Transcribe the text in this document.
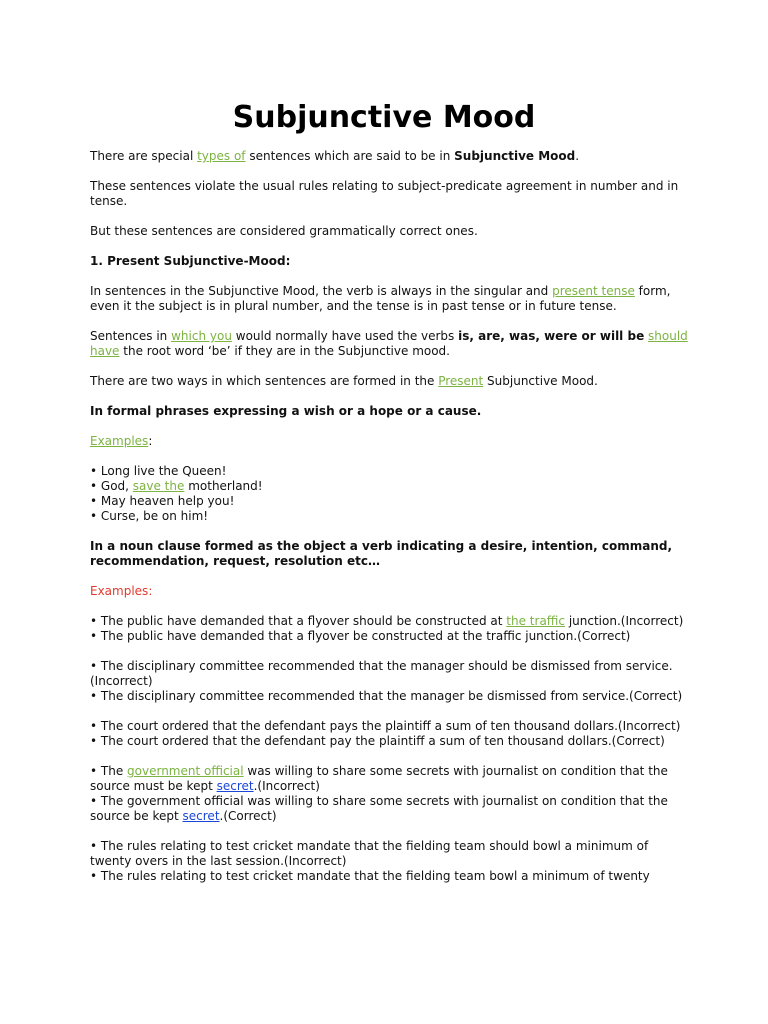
Subjunctive Mood

There are special types of sentences which are said to be in Subjunctive Mood.

These sentences violate the usual rules relating to subject-predicate agreement in number and in tense.

But these sentences are considered grammatically correct ones.

1. Present Subjunctive-Mood:

In sentences in the Subjunctive Mood, the verb is always in the singular and present tense form, even it the subject is in plural number, and the tense is in past tense or in future tense.

Sentences in which you would normally have used the verbs is, are, was, were or will be should have the root word ‘be’ if they are in the Subjunctive mood.

There are two ways in which sentences are formed in the Present Subjunctive Mood.

In formal phrases expressing a wish or a hope or a cause.

Examples:

• Long live the Queen!
• God, save the motherland!
• May heaven help you!
• Curse, be on him!

In a noun clause formed as the object a verb indicating a desire, intention, command, recommendation, request, resolution etc…

Examples:

• The public have demanded that a flyover should be constructed at the traffic junction.(Incorrect)
• The public have demanded that a flyover be constructed at the traffic junction.(Correct)
• The disciplinary committee recommended that the manager should be dismissed from service.(Incorrect)
• The disciplinary committee recommended that the manager be dismissed from service.(Correct)
• The court ordered that the defendant pays the plaintiff a sum of ten thousand dollars.(Incorrect)
• The court ordered that the defendant pay the plaintiff a sum of ten thousand dollars.(Correct)
• The government official was willing to share some secrets with journalist on condition that the source must be kept secret.(Incorrect)
• The government official was willing to share some secrets with journalist on condition that the source be kept secret.(Correct)
• The rules relating to test cricket mandate that the fielding team should bowl a minimum of twenty overs in the last session.(Incorrect)
• The rules relating to test cricket mandate that the fielding team bowl a minimum of twenty
